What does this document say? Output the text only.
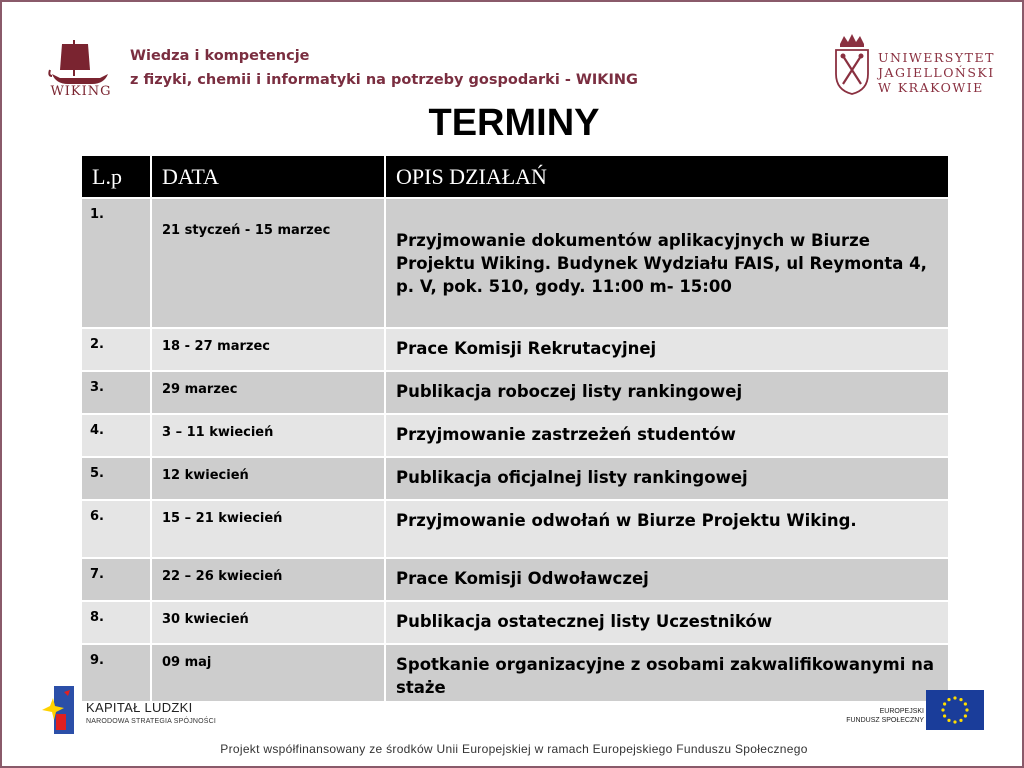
WIKING
Wiedza i kompetencje
z fizyki, chemii i informatyki na potrzeby gospodarki - WIKING
UNIWERSYTET
JAGIELLOŃSKI
W KRAKOWIE
TERMINY
L.p	DATA	OPIS DZIAŁAŃ
1.	21 styczeń - 15 marzec	Przyjmowanie dokumentów aplikacyjnych w Biurze Projektu Wiking. Budynek Wydziału FAIS, ul Reymonta 4, p. V, pok. 510, gody. 11:00 m- 15:00
2.	18 - 27 marzec	Prace Komisji Rekrutacyjnej
3.	29 marzec	Publikacja roboczej listy rankingowej
4.	3 – 11 kwiecień	Przyjmowanie zastrzeżeń studentów
5.	12 kwiecień	Publikacja oficjalnej listy rankingowej
6.	15 – 21 kwiecień	Przyjmowanie odwołań w Biurze Projektu Wiking.
7.	22 – 26 kwiecień	Prace Komisji Odwoławczej
8.	30 kwiecień	Publikacja ostatecznej listy Uczestników
9.	09 maj	Spotkanie organizacyjne z osobami zakwalifikowanymi na staże
KAPITAŁ LUDZKI
NARODOWA STRATEGIA SPÓJNOŚCI
EUROPEJSKI
FUNDUSZ SPOŁECZNY
Projekt współfinansowany ze środków Unii Europejskiej w ramach Europejskiego Funduszu Społecznego
